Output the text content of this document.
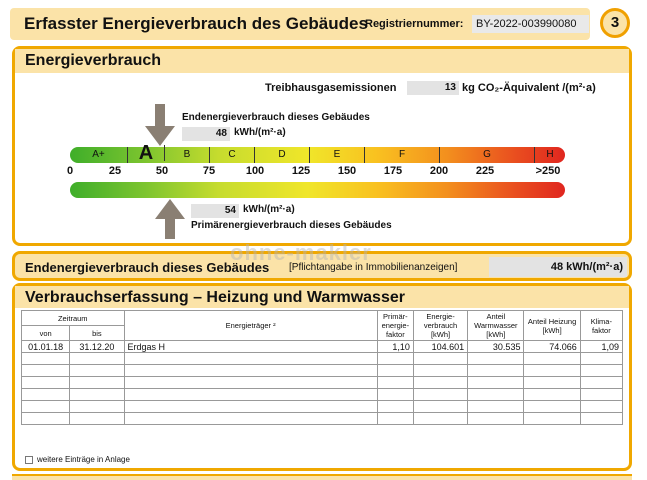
Erfasster Energieverbrauch des Gebäudes
Registriernummer:	BY-2022-003990080	3
Energieverbrauch
Treibhausgasemissionen	13 kg CO₂-Äquivalent /(m²·a)
Endenergieverbrauch dieses Gebäudes
48 kWh/(m²·a)
A+	A	B	C	D	E	F	G	H
0	25	50	75	100	125	150	175	200	225	>250
54 kWh/(m²·a)
Primärenergieverbrauch dieses Gebäudes
Endenergieverbrauch dieses Gebäudes [Pflichtangabe in Immobilienanzeigen]	48 kWh/(m²·a)
ohne-makler
Verbrauchserfassung – Heizung und Warmwasser
Zeitraum		Energieträger ²	Primär-energie-faktor	Energie-verbrauch [kWh]	Anteil Warmwasser [kWh]	Anteil Heizung [kWh]	Klima-faktor
von	bis						
01.01.18	31.12.20	Erdgas H	1,10	104.601	30.535	74.066	1,09

weitere Einträge in Anlage
